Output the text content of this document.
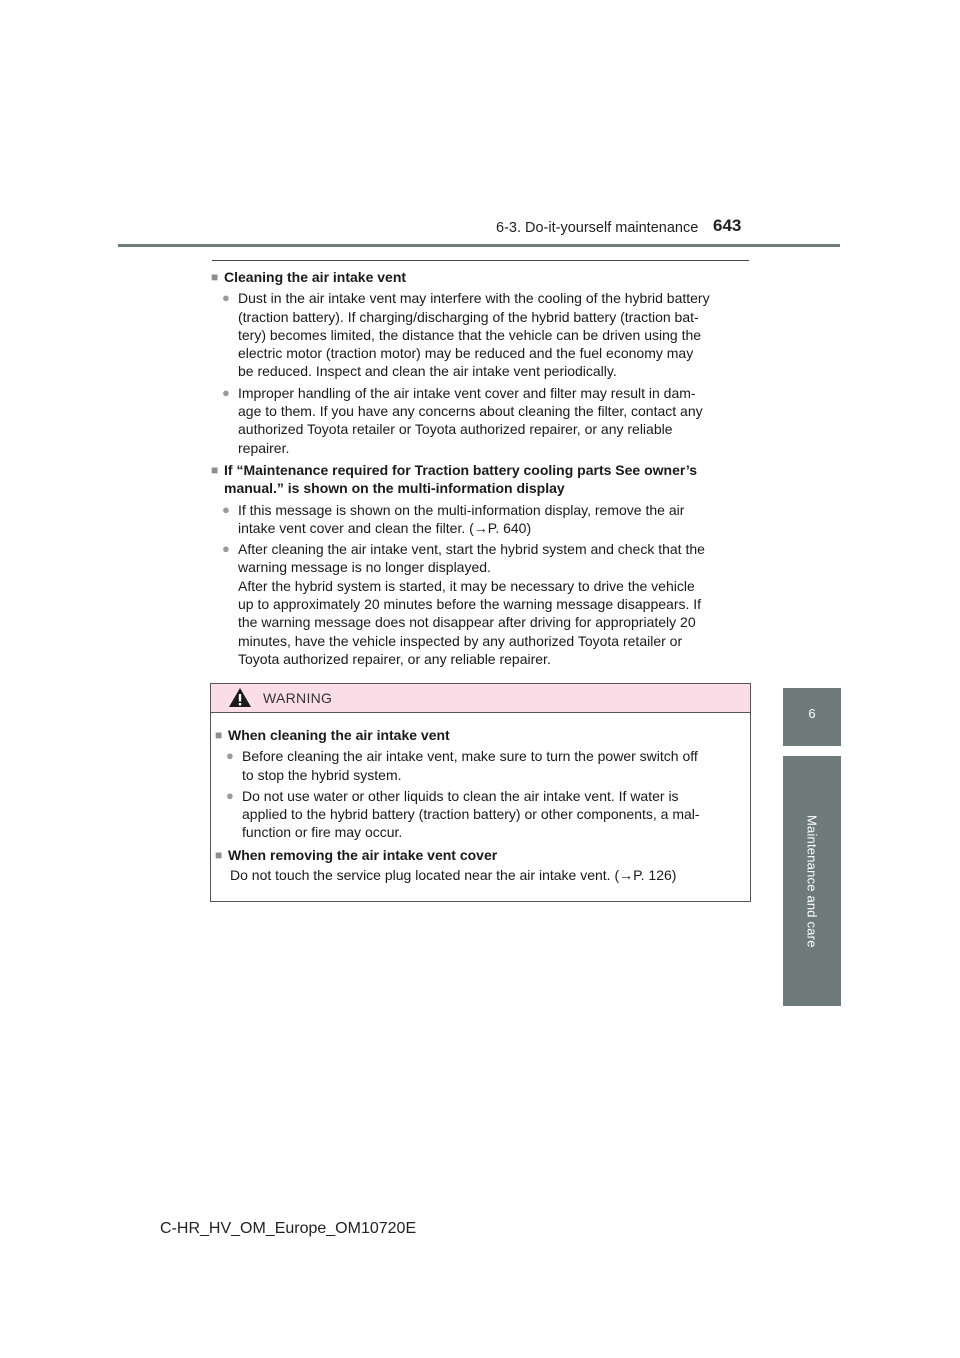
6-3. Do-it-yourself maintenance 643
6
Maintenance and care
■ Cleaning the air intake vent
● Dust in the air intake vent may interfere with the cooling of the hybrid battery
(traction battery). If charging/discharging of the hybrid battery (traction bat-
tery) becomes limited, the distance that the vehicle can be driven using the
electric motor (traction motor) may be reduced and the fuel economy may
be reduced. Inspect and clean the air intake vent periodically.
● Improper handling of the air intake vent cover and filter may result in dam-
age to them. If you have any concerns about cleaning the filter, contact any
authorized Toyota retailer or Toyota authorized repairer, or any reliable
repairer.
■ If “Maintenance required for Traction battery cooling parts See owner’s
manual.” is shown on the multi-information display
● If this message is shown on the multi-information display, remove the air
intake vent cover and clean the filter. (→P. 640)
● After cleaning the air intake vent, start the hybrid system and check that the
warning message is no longer displayed.
After the hybrid system is started, it may be necessary to drive the vehicle
up to approximately 20 minutes before the warning message disappears. If
the warning message does not disappear after driving for appropriately 20
minutes, have the vehicle inspected by any authorized Toyota retailer or
Toyota authorized repairer, or any reliable repairer.
WARNING
■ When cleaning the air intake vent
● Before cleaning the air intake vent, make sure to turn the power switch off
to stop the hybrid system.
● Do not use water or other liquids to clean the air intake vent. If water is
applied to the hybrid battery (traction battery) or other components, a mal-
function or fire may occur.
■ When removing the air intake vent cover
Do not touch the service plug located near the air intake vent. (→P. 126)
C-HR_HV_OM_Europe_OM10720E
